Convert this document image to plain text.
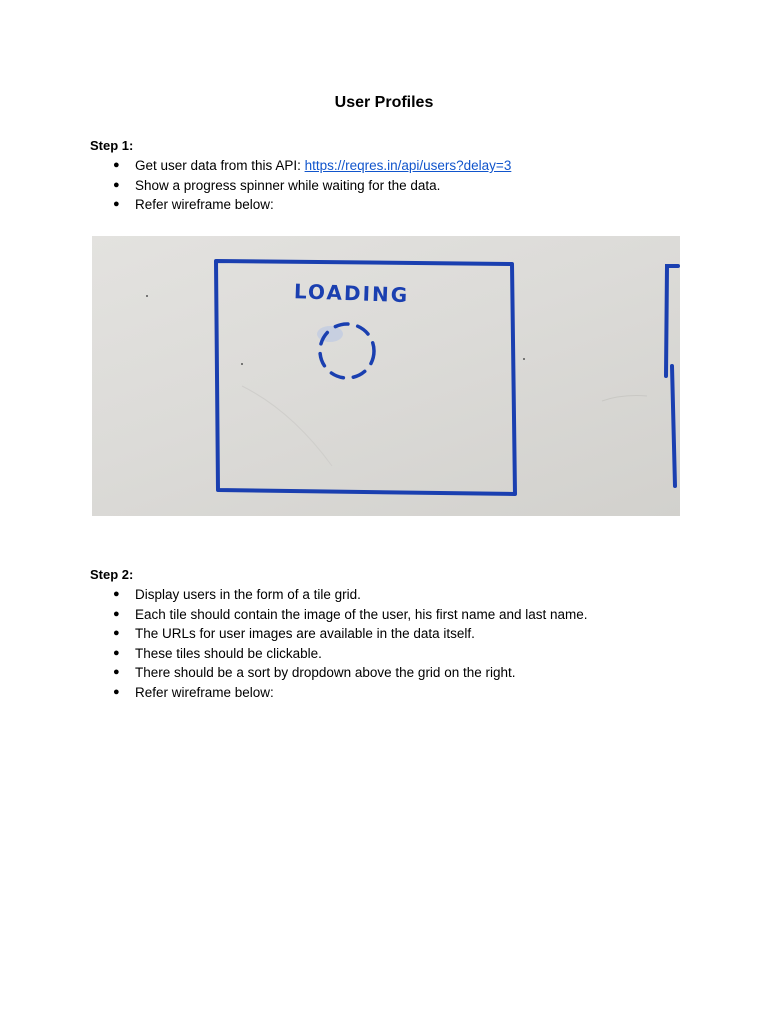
User Profiles
Step 1:
● Get user data from this API: https://reqres.in/api/users?delay=3
● Show a progress spinner while waiting for the data.
● Refer wireframe below:
LOADING
Step 2:
● Display users in the form of a tile grid.
● Each tile should contain the image of the user, his first name and last name.
● The URLs for user images are available in the data itself.
● These tiles should be clickable.
● There should be a sort by dropdown above the grid on the right.
● Refer wireframe below:
